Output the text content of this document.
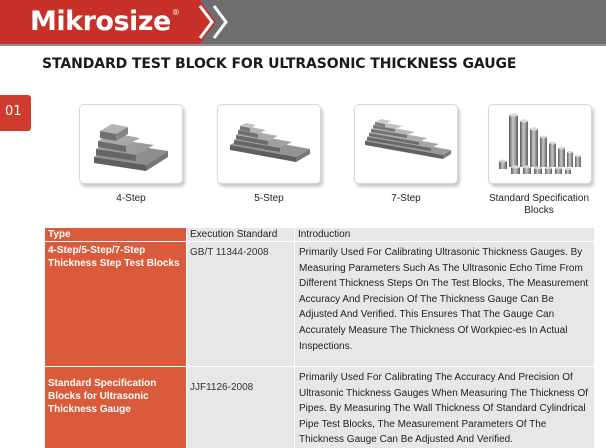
Mikrosize®
STANDARD TEST BLOCK FOR ULTRASONIC THICKNESS GAUGE
01
4-Step	5-Step	7-Step	Standard Specification Blocks
Type	Execution Standard	Introduction
4-Step/5-Step/7-Step Thickness Step Test Blocks	GB/T 11344-2008	Primarily Used For Calibrating Ultrasonic Thickness Gauges. By Measuring Parameters Such As The Ultrasonic Echo Time From Different Thickness Steps On The Test Blocks, The Measurement Accuracy And Precision Of The Thickness Gauge Can Be Adjusted And Verified. This Ensures That The Gauge Can Accurately Measure The Thickness Of Workpiec-es In Actual Inspections.
Standard Specification Blocks for Ultrasonic Thickness Gauge	JJF1126-2008	Primarily Used For Calibrating The Accuracy And Precision Of Ultrasonic Thickness Gauges When Measuring The Thickness Of Pipes. By Measuring The Wall Thickness Of Standard Cylindrical Pipe Test Blocks, The Measurement Parameters Of The Thickness Gauge Can Be Adjusted And Verified.
